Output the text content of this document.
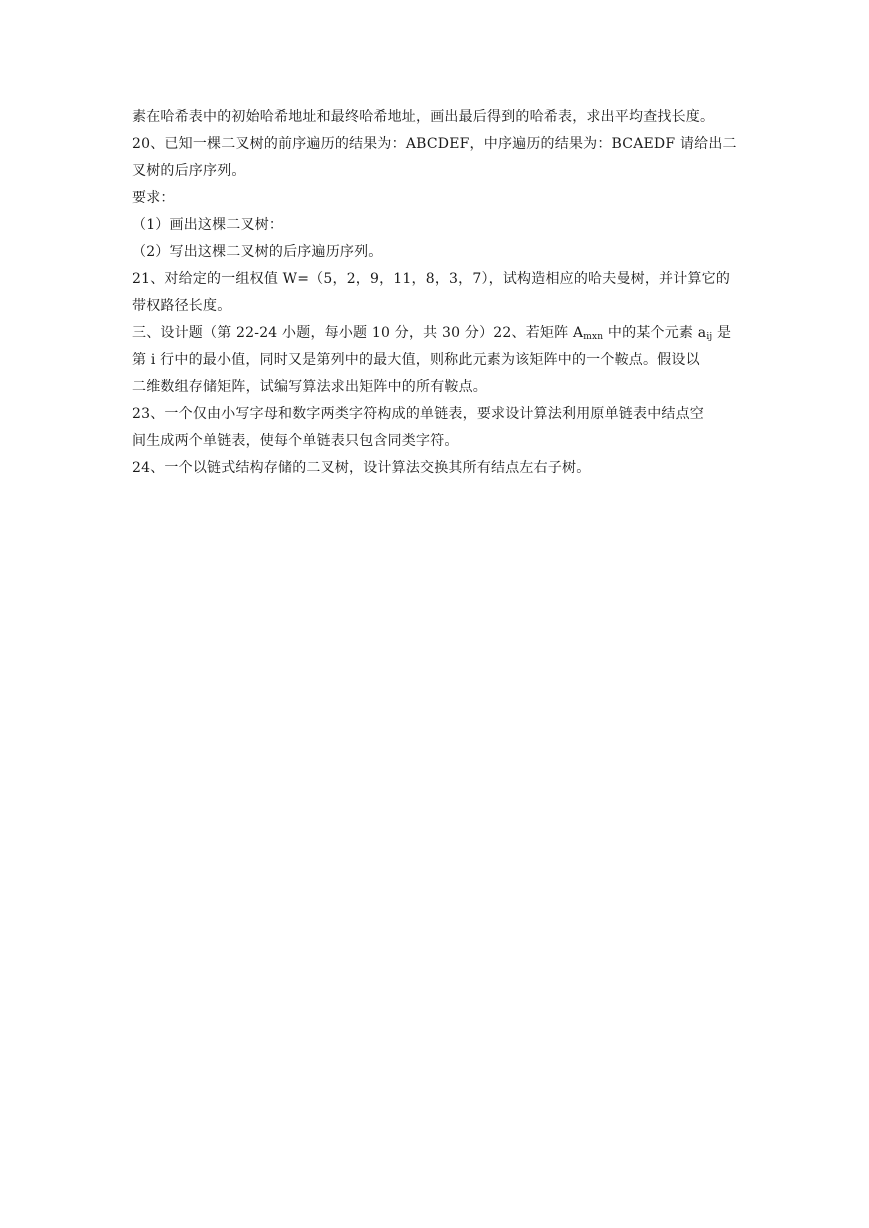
素在哈希表中的初始哈希地址和最终哈希地址，画出最后得到的哈希表，求出平均查找长度。
20、已知一棵二叉树的前序遍历的结果为：ABCDEF，中序遍历的结果为：BCAEDF 请给出二
叉树的后序序列。
要求：
（1）画出这棵二叉树：
（2）写出这棵二叉树的后序遍历序列。
21、对给定的一组权值 W=（5，2，9，11，8，3，7），试构造相应的哈夫曼树，并计算它的
带权路径长度。
三、设计题（第 22-24 小题，每小题 10 分，共 30 分）22、若矩阵 $A_{mxn}$ 中的某个元素 $a_{ij}$ 是
第 i 行中的最小值，同时又是第列中的最大值，则称此元素为该矩阵中的一个鞍点。假设以
二维数组存储矩阵，试编写算法求出矩阵中的所有鞍点。
23、一个仅由小写字母和数字两类字符构成的单链表，要求设计算法利用原单链表中结点空
间生成两个单链表，使每个单链表只包含同类字符。
24、一个以链式结构存储的二叉树，设计算法交换其所有结点左右子树。
